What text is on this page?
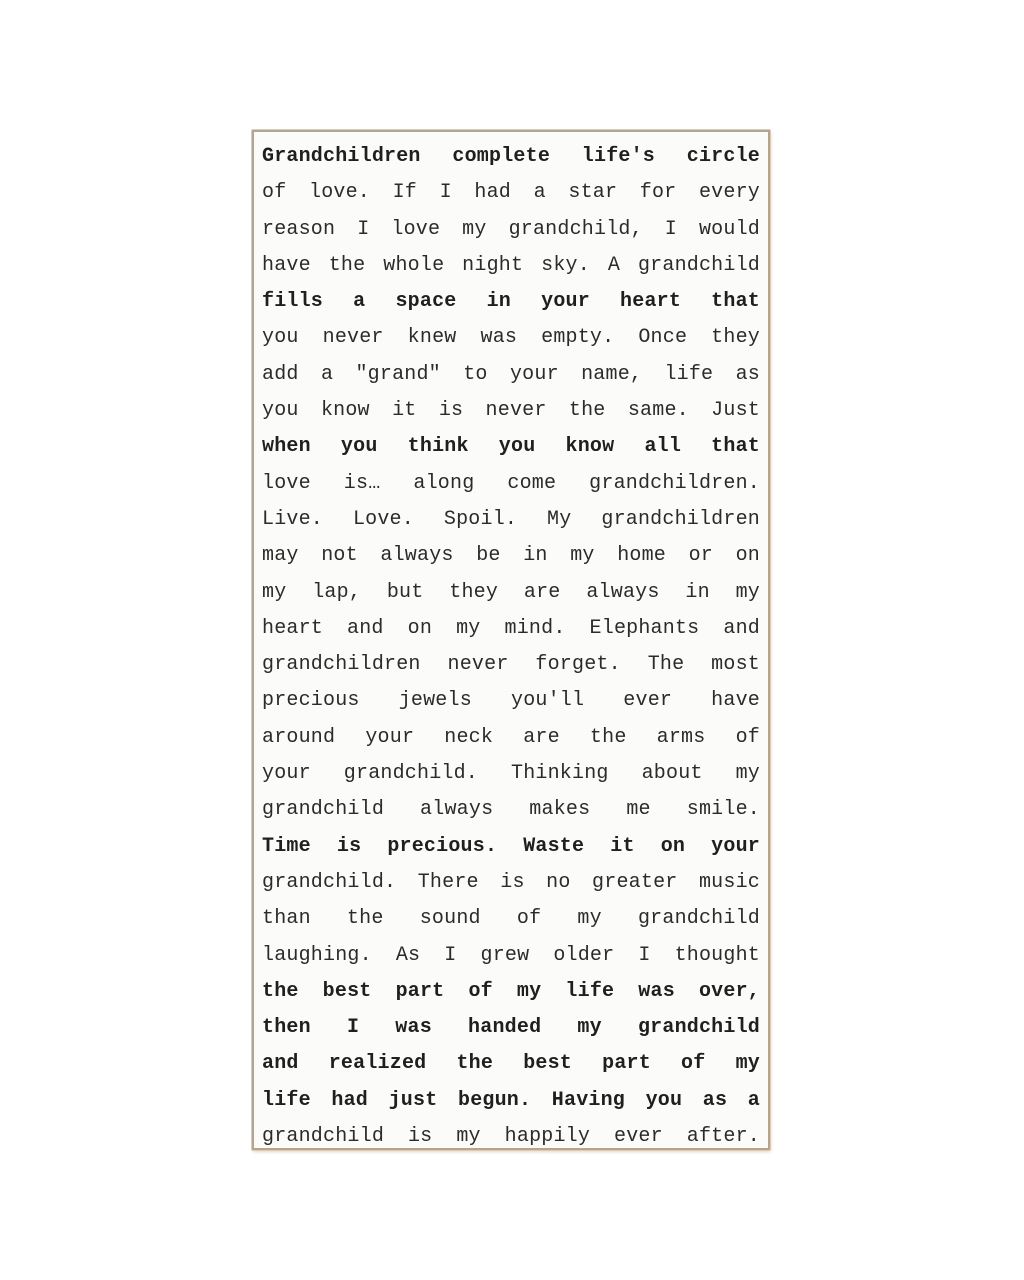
Grandchildren complete life's circle
of love. If I had a star for every
reason I love my grandchild, I would
have the whole night sky. A grandchild
fills a space in your heart that
you never knew was empty. Once they
add a "grand" to your name, life as
you know it is never the same. Just
when you think you know all that
love is… along come grandchildren.
Live. Love. Spoil. My grandchildren
may not always be in my home or on
my lap, but they are always in my
heart and on my mind. Elephants and
grandchildren never forget. The most
precious jewels you'll ever have
around your neck are the arms of
your grandchild. Thinking about my
grandchild always makes me smile.
Time is precious. Waste it on your
grandchild. There is no greater music
than the sound of my grandchild
laughing. As I grew older I thought
the best part of my life was over,
then I was handed my grandchild
and realized the best part of my
life had just begun. Having you as a
grandchild is my happily ever after.
